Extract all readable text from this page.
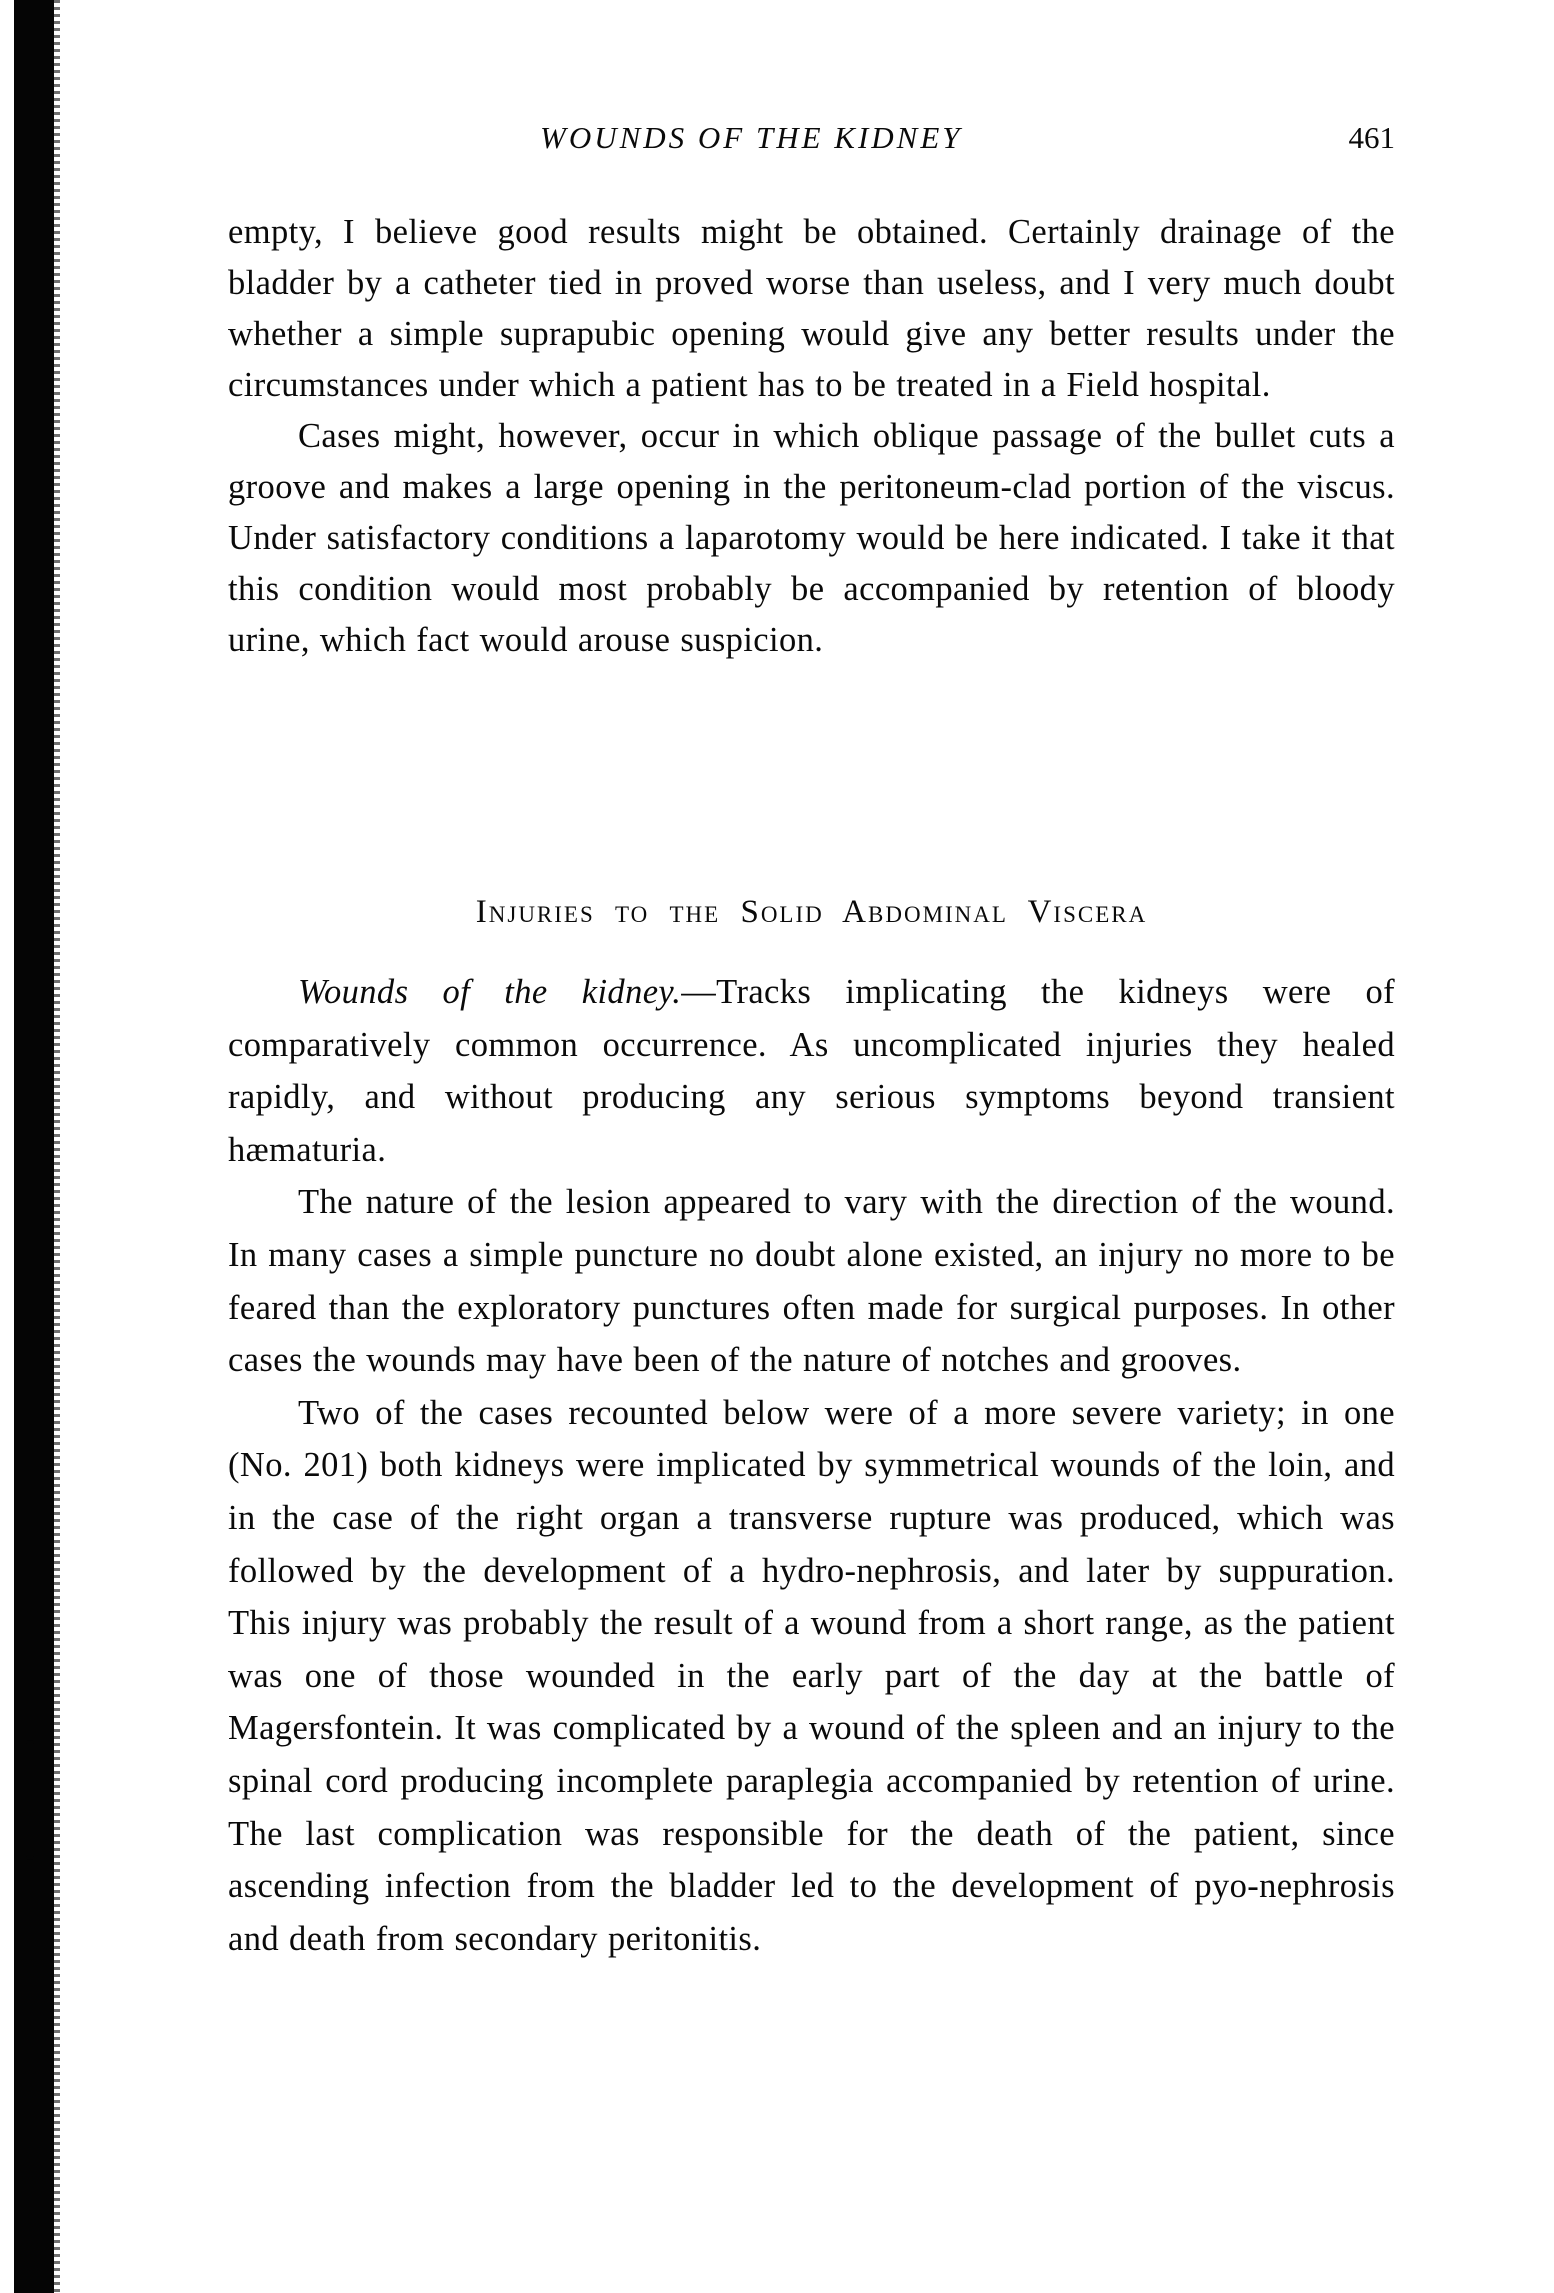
WOUNDS OF THE KIDNEY	461

empty, I believe good results might be obtained. Certainly drainage of the bladder by a catheter tied in proved worse than useless, and I very much doubt whether a simple suprapubic opening would give any better results under the circumstances under which a patient has to be treated in a Field hospital.

Cases might, however, occur in which oblique passage of the bullet cuts a groove and makes a large opening in the peritoneum-clad portion of the viscus. Under satisfactory conditions a laparotomy would be here indicated. I take it that this condition would most probably be accompanied by retention of bloody urine, which fact would arouse suspicion.

Injuries to the Solid Abdominal Viscera

Wounds of the kidney.—Tracks implicating the kidneys were of comparatively common occurrence. As uncomplicated injuries they healed rapidly, and without producing any serious symptoms beyond transient hæmaturia.

The nature of the lesion appeared to vary with the direction of the wound. In many cases a simple puncture no doubt alone existed, an injury no more to be feared than the exploratory punctures often made for surgical purposes. In other cases the wounds may have been of the nature of notches and grooves.

Two of the cases recounted below were of a more severe variety; in one (No. 201) both kidneys were implicated by symmetrical wounds of the loin, and in the case of the right organ a transverse rupture was produced, which was followed by the development of a hydro-nephrosis, and later by suppuration. This injury was probably the result of a wound from a short range, as the patient was one of those wounded in the early part of the day at the battle of Magersfontein. It was complicated by a wound of the spleen and an injury to the spinal cord producing incomplete paraplegia accompanied by retention of urine. The last complication was responsible for the death of the patient, since ascending infection from the bladder led to the development of pyo-nephrosis and death from secondary peritonitis.
